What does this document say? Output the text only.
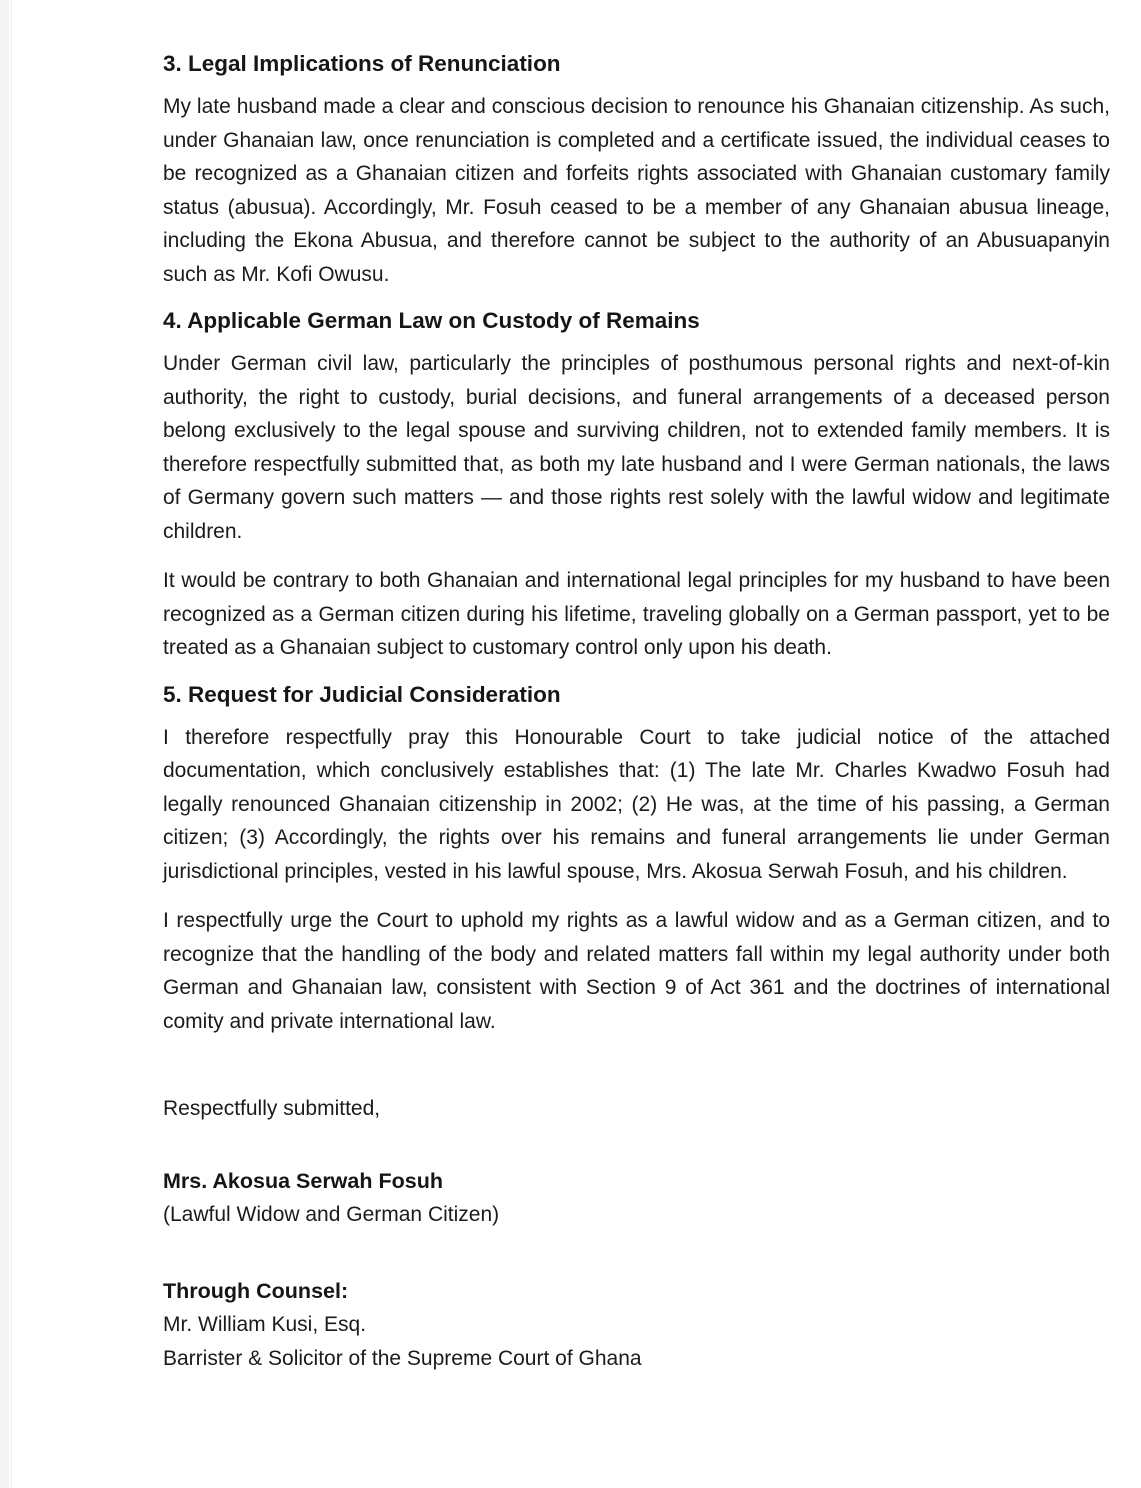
3. Legal Implications of Renunciation

My late husband made a clear and conscious decision to renounce his Ghanaian citizenship. As such, under Ghanaian law, once renunciation is completed and a certificate issued, the individual ceases to be recognized as a Ghanaian citizen and forfeits rights associated with Ghanaian customary family status (abusua). Accordingly, Mr. Fosuh ceased to be a member of any Ghanaian abusua lineage, including the Ekona Abusua, and therefore cannot be subject to the authority of an Abusuapanyin such as Mr. Kofi Owusu.

4. Applicable German Law on Custody of Remains

Under German civil law, particularly the principles of posthumous personal rights and next-of-kin authority, the right to custody, burial decisions, and funeral arrangements of a deceased person belong exclusively to the legal spouse and surviving children, not to extended family members. It is therefore respectfully submitted that, as both my late husband and I were German nationals, the laws of Germany govern such matters — and those rights rest solely with the lawful widow and legitimate children.

It would be contrary to both Ghanaian and international legal principles for my husband to have been recognized as a German citizen during his lifetime, traveling globally on a German passport, yet to be treated as a Ghanaian subject to customary control only upon his death.

5. Request for Judicial Consideration

I therefore respectfully pray this Honourable Court to take judicial notice of the attached documentation, which conclusively establishes that: (1) The late Mr. Charles Kwadwo Fosuh had legally renounced Ghanaian citizenship in 2002; (2) He was, at the time of his passing, a German citizen; (3) Accordingly, the rights over his remains and funeral arrangements lie under German jurisdictional principles, vested in his lawful spouse, Mrs. Akosua Serwah Fosuh, and his children.

I respectfully urge the Court to uphold my rights as a lawful widow and as a German citizen, and to recognize that the handling of the body and related matters fall within my legal authority under both German and Ghanaian law, consistent with Section 9 of Act 361 and the doctrines of international comity and private international law.

Respectfully submitted,

Mrs. Akosua Serwah Fosuh

(Lawful Widow and German Citizen)

Through Counsel:

Mr. William Kusi, Esq.

Barrister & Solicitor of the Supreme Court of Ghana
